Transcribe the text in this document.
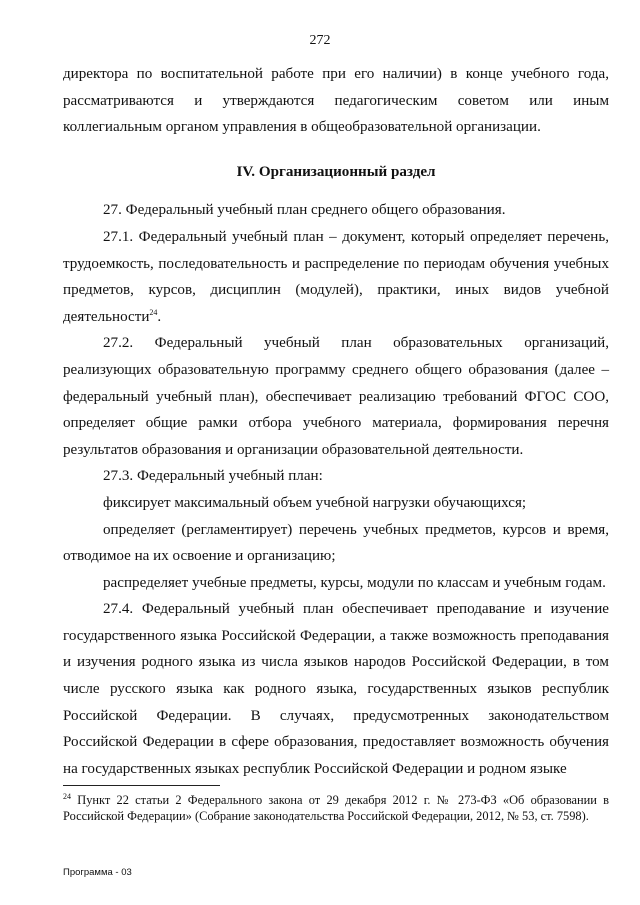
272

директора по воспитательной работе при его наличии) в конце учебного года, рассматриваются и утверждаются педагогическим советом или иным коллегиальным органом управления в общеобразовательной организации.

IV. Организационный раздел

27. Федеральный учебный план среднего общего образования.

27.1. Федеральный учебный план – документ, который определяет перечень, трудоемкость, последовательность и распределение по периодам обучения учебных предметов, курсов, дисциплин (модулей), практики, иных видов учебной деятельности$^{24}$.

27.2. Федеральный учебный план образовательных организаций, реализующих образовательную программу среднего общего образования (далее – федеральный учебный план), обеспечивает реализацию требований ФГОС СОО, определяет общие рамки отбора учебного материала, формирования перечня результатов образования и организации образовательной деятельности.

27.3. Федеральный учебный план:

фиксирует максимальный объем учебной нагрузки обучающихся;

определяет (регламентирует) перечень учебных предметов, курсов и время, отводимое на их освоение и организацию;

распределяет учебные предметы, курсы, модули по классам и учебным годам.

27.4. Федеральный учебный план обеспечивает преподавание и изучение государственного языка Российской Федерации, а также возможность преподавания и изучения родного языка из числа языков народов Российской Федерации, в том числе русского языка как родного языка, государственных языков республик Российской Федерации. В случаях, предусмотренных законодательством Российской Федерации в сфере образования, предоставляет возможность обучения на государственных языках республик Российской Федерации и родном языке

$^{24}$ Пункт 22 статьи 2 Федерального закона от 29 декабря 2012 г. № 273-ФЗ «Об образовании в Российской Федерации» (Собрание законодательства Российской Федерации, 2012, № 53, ст. 7598).

Программа - 03
